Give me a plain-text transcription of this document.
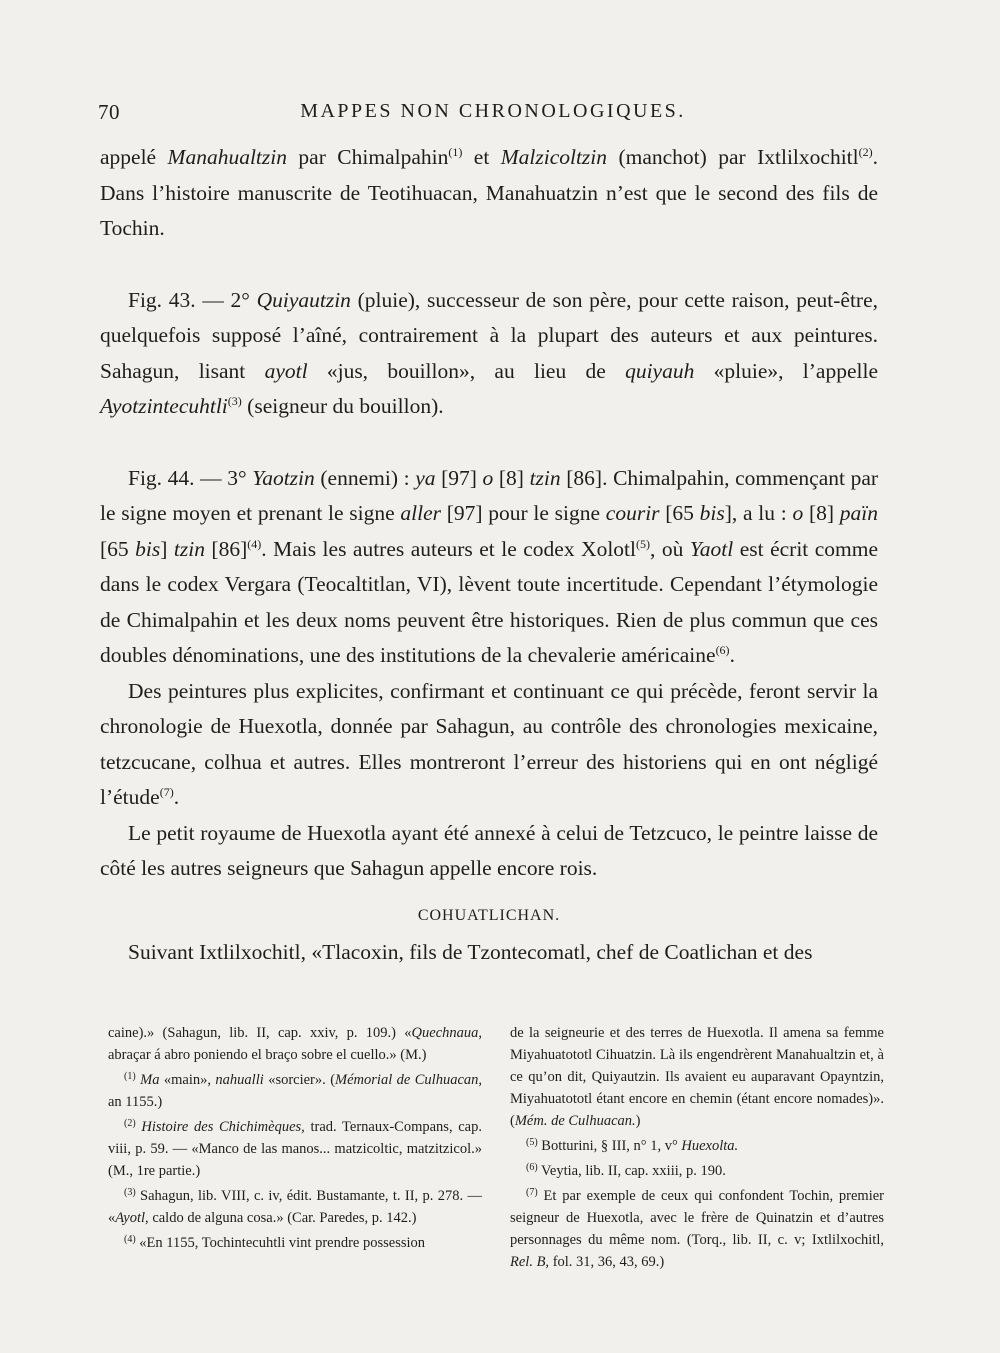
70	MAPPES NON CHRONOLOGIQUES.

appelé Manahualtzin par Chimalpahin$^{(1)}$ et Malzicoltzin (manchot) par Ixtlilxochitl$^{(2)}$. Dans l’histoire manuscrite de Teotihuacan, Manahuatzin n’est que le second des fils de Tochin.

Fig. 43. — 2° Quiyautzin (pluie), successeur de son père, pour cette raison, peut-être, quelquefois supposé l’aîné, contrairement à la plupart des auteurs et aux peintures. Sahagun, lisant ayotl «jus, bouillon», au lieu de quiyauh «pluie», l’appelle Ayotzintecuhtli$^{(3)}$ (seigneur du bouillon).

Fig. 44. — 3° Yaotzin (ennemi) : ya [97] o [8] tzin [86]. Chimalpahin, commençant par le signe moyen et prenant le signe aller [97] pour le signe courir [65 bis], a lu : o [8] païn [65 bis] tzin $[86]^{(4)}$. Mais les autres auteurs et le codex Xolotl$^{(5)}$, où Yaotl est écrit comme dans le codex Vergara (Teocaltitlan, VI), lèvent toute incertitude. Cependant l’étymologie de Chimalpahin et les deux noms peuvent être historiques. Rien de plus commun que ces doubles dénominations, une des institutions de la chevalerie américaine$^{(6)}$.

Des peintures plus explicites, confirmant et continuant ce qui précède, feront servir la chronologie de Huexotla, donnée par Sahagun, au contrôle des chronologies mexicaine, tetzcucane, colhua et autres. Elles montreront l’erreur des historiens qui en ont négligé l’étude$^{(7)}$.

Le petit royaume de Huexotla ayant été annexé à celui de Tetzcuco, le peintre laisse de côté les autres seigneurs que Sahagun appelle encore rois.

COHUATLICHAN.

Suivant Ixtlilxochitl, «Tlacoxin, fils de Tzontecomatl, chef de Coatlichan et des

caine).» (Sahagun, lib. II, cap. xxiv, p. 109.) «Quechnaua, abraçar á abro poniendo el braço sobre el cuello.» (M.)

$^{(1)}$ Ma «main», nahualli «sorcier». (Mémorial de Culhuacan, an 1155.)

$^{(2)}$ Histoire des Chichimèques, trad. Ternaux-Compans, cap. viii, p. 59. — «Manco de las manos... matzicoltic, matzitzicol.» (M., 1re partie.)

$^{(3)}$ Sahagun, lib. VIII, c. iv, édit. Bustamante, t. II, p. 278. — «Ayotl, caldo de alguna cosa.» (Car. Paredes, p. 142.)

$^{(4)}$ «En 1155, Tochintecuhtli vint prendre possession

de la seigneurie et des terres de Huexotla. Il amena sa femme Miyahuatototl Cihuatzin. Là ils engendrèrent Manahualtzin et, à ce qu’on dit, Quiyautzin. Ils avaient eu auparavant Opayntzin, Miyahuatototl étant encore en chemin (étant encore nomades)». (Mém. de Culhuacan.)

$^{(5)}$ Botturini, § III, n° 1, v° Huexolta.

$^{(6)}$ Veytia, lib. II, cap. xxiii, p. 190.

$^{(7)}$ Et par exemple de ceux qui confondent Tochin, premier seigneur de Huexotla, avec le frère de Quinatzin et d’autres personnages du même nom. (Torq., lib. II, c. v; Ixtlilxochitl, Rel. B, fol. 31, 36, 43, 69.)
